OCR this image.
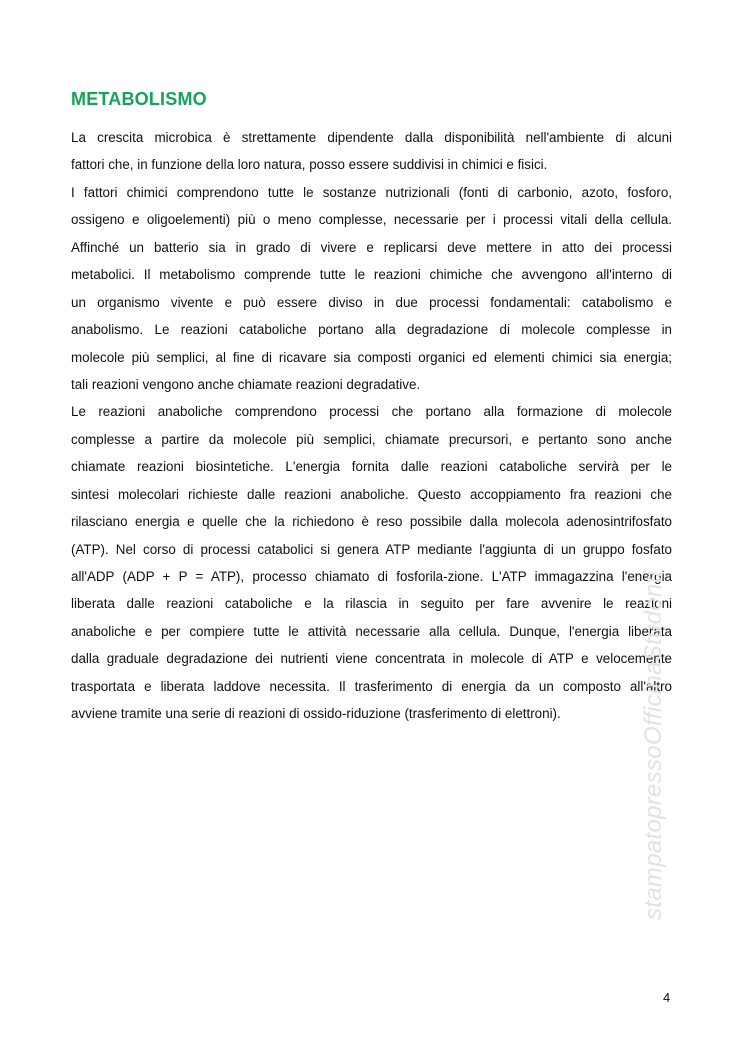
METABOLISMO
La crescita microbica è strettamente dipendente dalla disponibilità nell'ambiente di alcuni
fattori che, in funzione della loro natura, posso essere suddivisi in chimici e fisici.
I fattori chimici comprendono tutte le sostanze nutrizionali (fonti di carbonio, azoto, fosforo,
ossigeno e oligoelementi) più o meno complesse, necessarie per i processi vitali della cellula.
Affinché un batterio sia in grado di vivere e replicarsi deve mettere in atto dei processi
metabolici. Il metabolismo comprende tutte le reazioni chimiche che avvengono all'interno di
un organismo vivente e può essere diviso in due processi fondamentali: catabolismo e
anabolismo. Le reazioni cataboliche portano alla degradazione di molecole complesse in
molecole più semplici, al fine di ricavare sia composti organici ed elementi chimici sia energia;
tali reazioni vengono anche chiamate reazioni degradative.
Le reazioni anaboliche comprendono processi che portano alla formazione di molecole
complesse a partire da molecole più semplici, chiamate precursori, e pertanto sono anche
chiamate reazioni biosintetiche. L'energia fornita dalle reazioni cataboliche servirà per le
sintesi molecolari richieste dalle reazioni anaboliche. Questo accoppiamento fra reazioni che
rilasciano energia e quelle che la richiedono è reso possibile dalla molecola adenosintrifosfato
(ATP). Nel corso di processi catabolici si genera ATP mediante l'aggiunta di un gruppo fosfato
all'ADP (ADP + P = ATP), processo chiamato di fosforila-zione. L'ATP immagazzina l'energia
liberata dalle reazioni cataboliche e la rilascia in seguito per fare avvenire le reazioni
anaboliche e per compiere tutte le attività necessarie alla cellula. Dunque, l'energia liberata
dalla graduale degradazione dei nutrienti viene concentrata in molecole di ATP e velocemente
trasportata e liberata laddove necessita. Il trasferimento di energia da un composto all'altro
avviene tramite una serie di reazioni di ossido-riduzione (trasferimento di elettroni).	stampatopressoOfficinaStudenti
4
